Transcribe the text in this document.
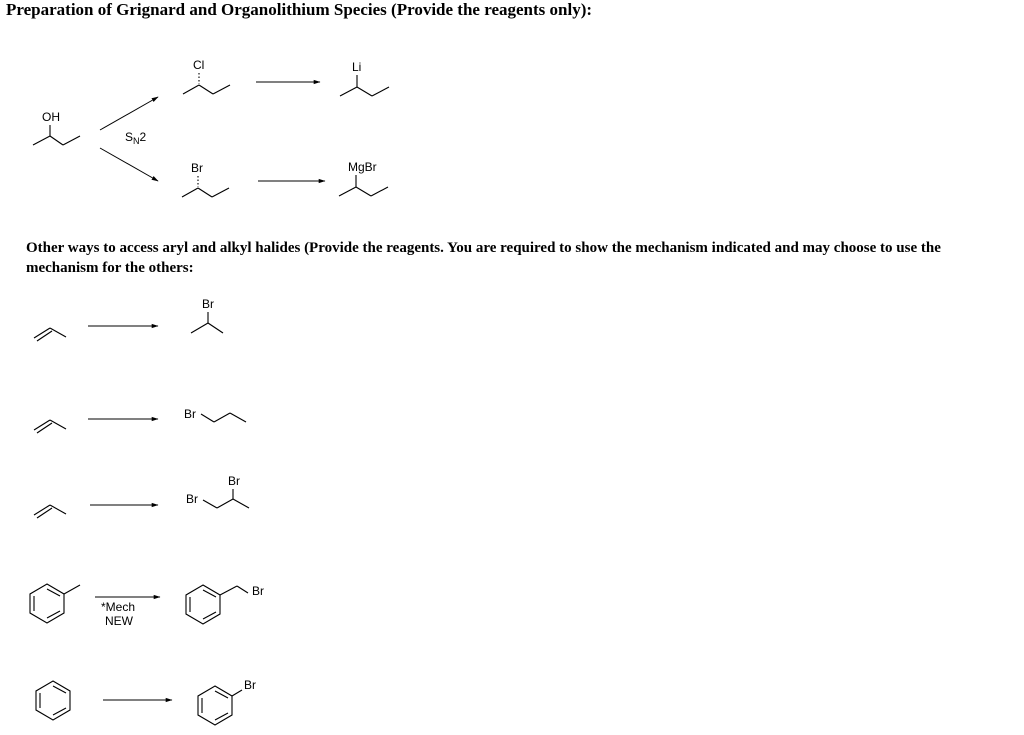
Preparation of Grignard and Organolithium Species (Provide the reagents only):
Other ways to access aryl and alkyl halides (Provide the reagents. You are required to show the mechanism indicated and may choose to use the mechanism for the others:
OH
$S_N2$
Cl	Li
Br	MgBr
Br
Br
Br
Br
*Mech
NEW
Br
Br
